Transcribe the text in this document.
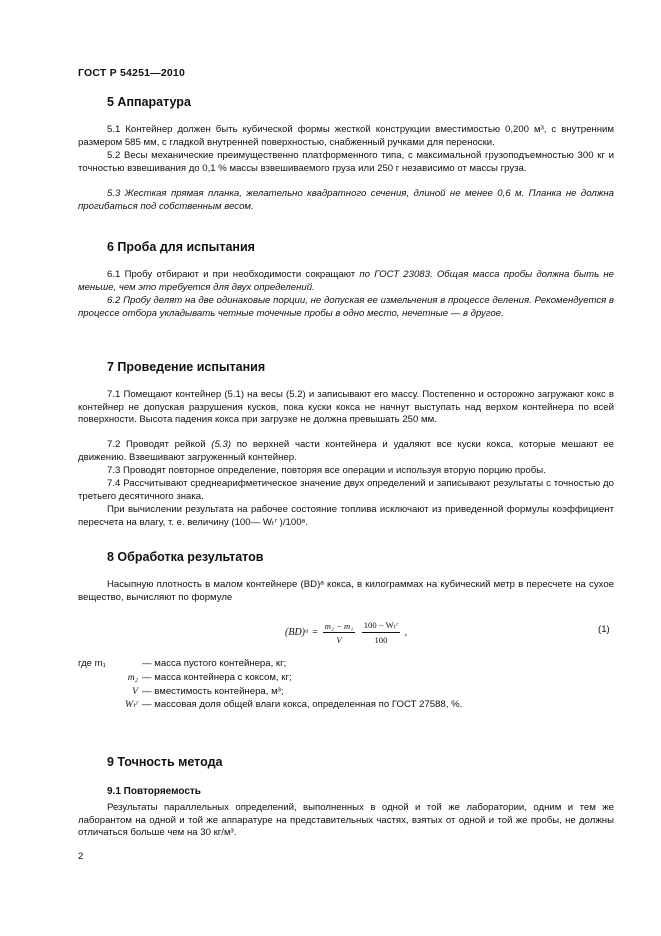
ГОСТ Р 54251—2010
5 Аппаратура
5.1 Контейнер должен быть кубической формы жесткой конструкции вместимостью 0,200 м³, с внутренним размером 585 мм, с гладкой внутренней поверхностью, снабженный ручками для переноски.
5.2 Весы механические преимущественно платформенного типа, с максимальной грузоподъемностью 300 кг и точностью взвешивания до 0,1 % массы взвешиваемого груза или 250 г независимо от массы груза.
5.3 Жесткая прямая планка, желательно квадратного сечения, длиной не менее 0,6 м. Планка не должна прогибаться под собственным весом.
6 Проба для испытания
6.1 Пробу отбирают и при необходимости сокращают по ГОСТ 23083. Общая масса пробы должна быть не меньше, чем это требуется для двух определений.
6.2 Пробу делят на две одинаковые порции, не допуская ее измельчения в процессе деления. Рекомендуется в процессе отбора укладывать четные точечные пробы в одно место, нечетные — в другое.
7 Проведение испытания
7.1 Помещают контейнер (5.1) на весы (5.2) и записывают его массу. Постепенно и осторожно загружают кокс в контейнер не допуская разрушения кусков, пока куски кокса не начнут выступать над верхом контейнера по всей поверхности. Высота падения кокса при загрузке не должна превышать 250 мм.
7.2 Проводят рейкой (5.3) по верхней части контейнера и удаляют все куски кокса, которые мешают ее движению. Взвешивают загруженный контейнер.
7.3 Проводят повторное определение, повторяя все операции и используя вторую порцию пробы.
7.4 Рассчитывают среднеарифметическое значение двух определений и записывают результаты с точностью до третьего десятичного знака.
При вычислении результата на рабочее состояние топлива исключают из приведенной формулы коэффициент пересчета на влагу, т. е. величину (100— Wₜʳ )/100ᵃ.
8 Обработка результатов
Насыпную плотность в малом контейнере (BD)ᵃ кокса, в килограммах на кубический метр в пересчете на сухое вещество, вычисляют по формуле
(BD)ᵃ = $\frac{\text{m₂ − m₁}}{V}$
$\frac{\text{100 − Wₜʳ}}{100}$ ,	(1)
где m₁	— масса пустого контейнера, кг;
m₂ — масса контейнера с коксом, кг;
V — вместимость контейнера, м³;
Wₜʳ — массовая доля общей влаги кокса, определенная по ГОСТ 27588, %.
9 Точность метода
9.1 Повторяемость
Результаты параллельных определений, выполненных в одной и той же лаборатории, одним и тем же лаборантом на одной и той же аппаратуре на представительных частях, взятых от одной и той же пробы, не должны отличаться больше чем на 30 кг/м³.
2
